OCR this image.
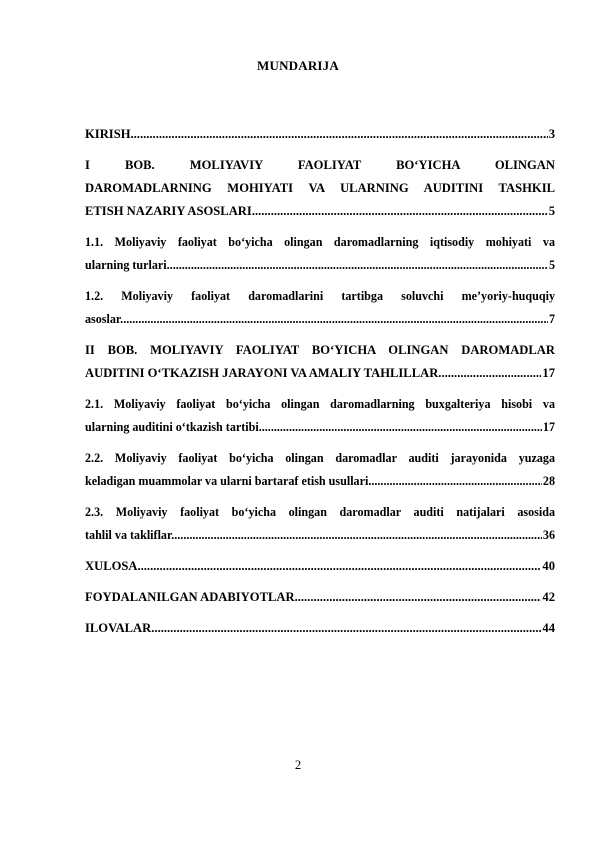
MUNDARIJA
KIRISH .....	3
I BOB. MOLIYAVIY FAOLIYAT BO‘YICHA OLINGAN
DAROMADLARNING MOHIYATI VA ULARNING AUDITINI TASHKIL
ETISH NAZARIY ASOSLARI .....	5
1.1. Moliyaviy faoliyat bo‘yicha olingan daromadlarning iqtisodiy mohiyati va
ularning turlari .....	5
1.2. Moliyaviy faoliyat daromadlarini tartibga soluvchi me’yoriy-huquqiy
asoslar .....	7
II BOB. MOLIYAVIY FAOLIYAT BO‘YICHA OLINGAN DAROMADLAR
AUDITINI O‘TKAZISH JARAYONI VA AMALIY TAHLILLAR .....	17
2.1. Moliyaviy faoliyat bo‘yicha olingan daromadlarning buxgalteriya hisobi va
ularning auditini o‘tkazish tartibi .....	17
2.2. Moliyaviy faoliyat bo‘yicha olingan daromadlar auditi jarayonida yuzaga
keladigan muammolar va ularni bartaraf etish usullari .....	28
2.3. Moliyaviy faoliyat bo‘yicha olingan daromadlar auditi natijalari asosida
tahlil va takliflar .....	36
XULOSA .....	40
FOYDALANILGAN ADABIYOTLAR .....	42
ILOVALAR .....	44
2
